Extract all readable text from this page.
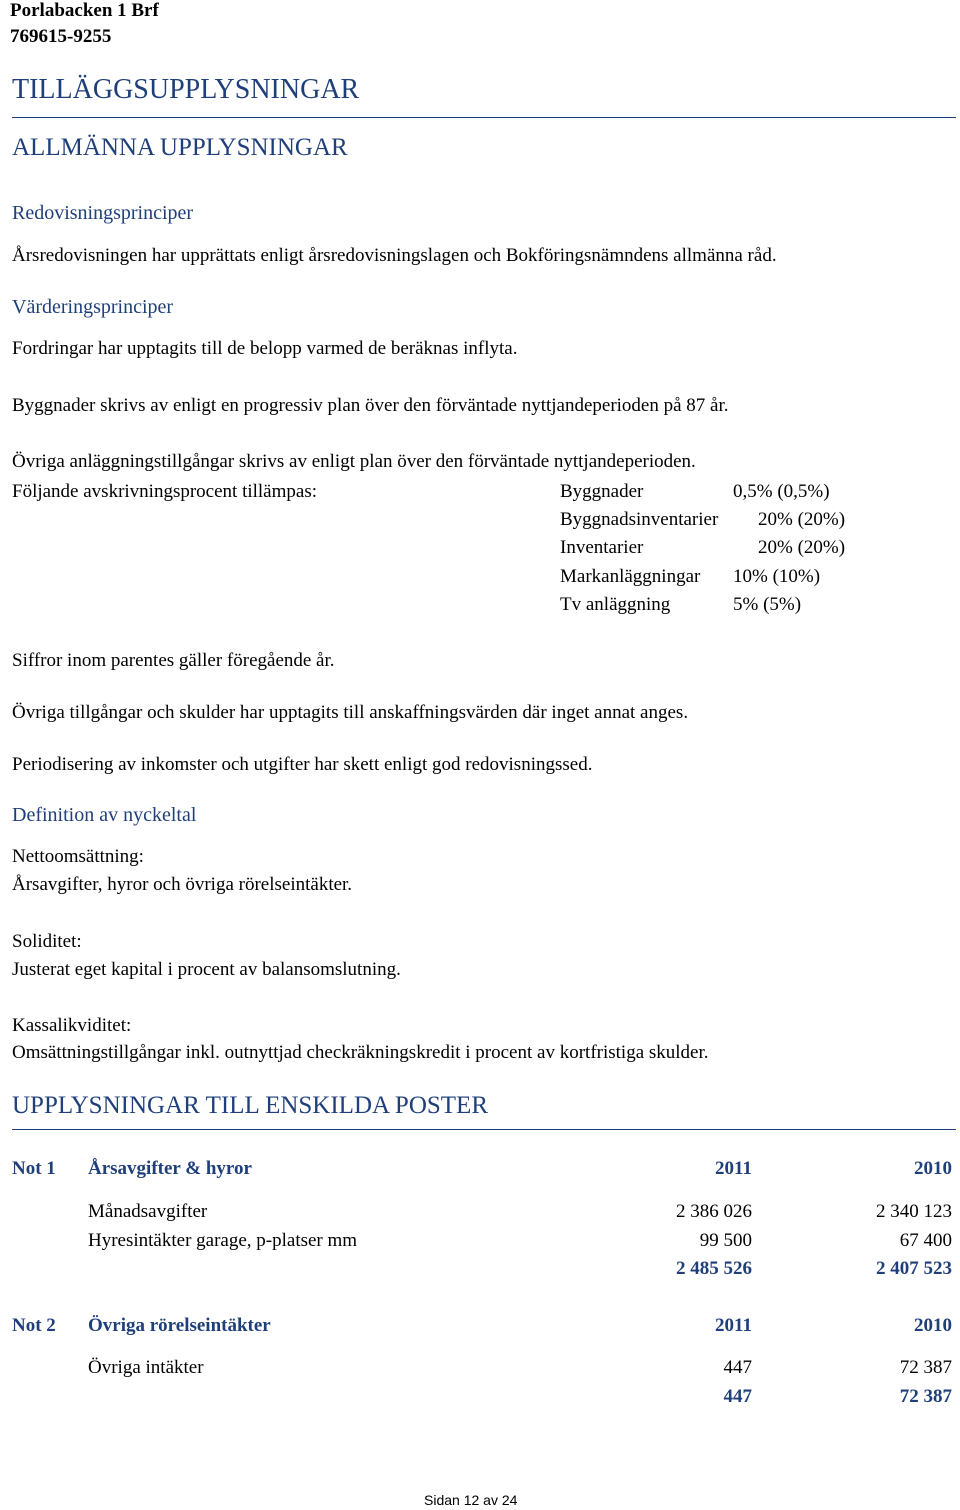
Porlabacken 1 Brf
769615-9255
TILLÄGGSUPPLYSNINGAR
ALLMÄNNA UPPLYSNINGAR
Redovisningsprinciper
Årsredovisningen har upprättats enligt årsredovisningslagen och Bokföringsnämndens allmänna råd.
Värderingsprinciper
Fordringar har upptagits till de belopp varmed de beräknas inflyta.
Byggnader skrivs av enligt en progressiv plan över den förväntade nyttjandeperioden på 87 år.
Övriga anläggningstillgångar skrivs av enligt plan över den förväntade nyttjandeperioden.
Följande avskrivningsprocent tillämpas:	Byggnader	0,5% (0,5%)
Byggnadsinventarier 20% (20%)
Inventarier	20% (20%)
Markanläggningar 10% (10%)
Tv anläggning	5% (5%)
Siffror inom parentes gäller föregående år.
Övriga tillgångar och skulder har upptagits till anskaffningsvärden där inget annat anges.
Periodisering av inkomster och utgifter har skett enligt god redovisningssed.
Definition av nyckeltal
Nettoomsättning:
Årsavgifter, hyror och övriga rörelseintäkter.
Soliditet:
Justerat eget kapital i procent av balansomslutning.
Kassalikviditet:
Omsättningstillgångar inkl. outnyttjad checkräkningskredit i procent av kortfristiga skulder.
UPPLYSNINGAR TILL ENSKILDA POSTER
Not 1 Årsavgifter & hyror	2011	2010
Månadsavgifter	2 386 026	2 340 123
Hyresintäkter garage, p-platser mm	99 500	67 400
2 485 526	2 407 523
Not 2 Övriga rörelseintäkter	2011	2010
Övriga intäkter	447	72 387
447	72 387
Sidan 12 av 24
